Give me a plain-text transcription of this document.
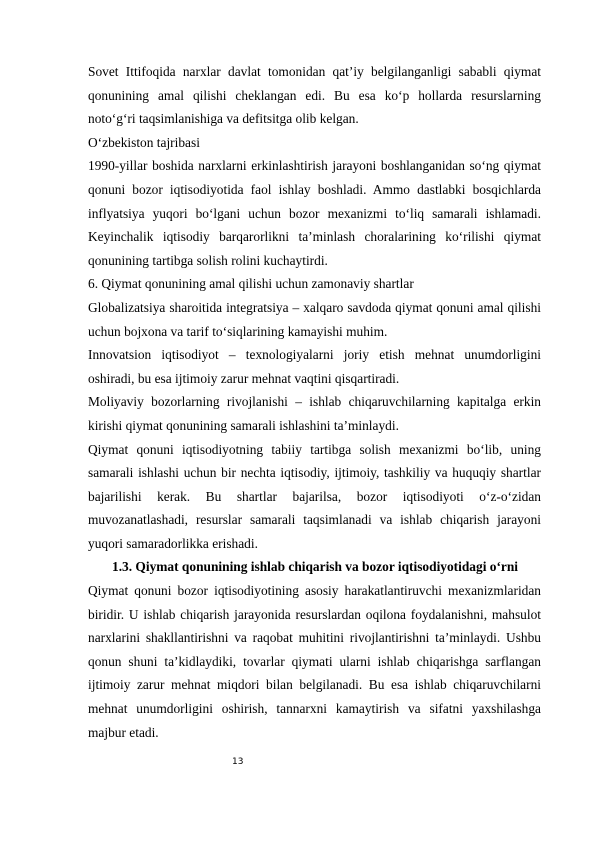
Sovet Ittifoqida narxlar davlat tomonidan qat’iy belgilanganligi sababli qiymat qonunining amal qilishi cheklangan edi. Bu esa ko‘p hollarda resurslarning noto‘g‘ri taqsimlanishiga va defitsitga olib kelgan.

O‘zbekiston tajribasi

1990-yillar boshida narxlarni erkinlashtirish jarayoni boshlanganidan so‘ng qiymat qonuni bozor iqtisodiyotida faol ishlay boshladi. Ammo dastlabki bosqichlarda inflyatsiya yuqori bo‘lgani uchun bozor mexanizmi to‘liq samarali ishlamadi. Keyinchalik iqtisodiy barqarorlikni ta’minlash choralarining ko‘rilishi qiymat qonunining tartibga solish rolini kuchaytirdi.

6. Qiymat qonunining amal qilishi uchun zamonaviy shartlar

Globalizatsiya sharoitida integratsiya – xalqaro savdoda qiymat qonuni amal qilishi uchun bojxona va tarif to‘siqlarining kamayishi muhim.

Innovatsion iqtisodiyot – texnologiyalarni joriy etish mehnat unumdorligini oshiradi, bu esa ijtimoiy zarur mehnat vaqtini qisqartiradi.

Moliyaviy bozorlarning rivojlanishi – ishlab chiqaruvchilarning kapitalga erkin kirishi qiymat qonunining samarali ishlashini ta’minlaydi.

Qiymat qonuni iqtisodiyotning tabiiy tartibga solish mexanizmi bo‘lib, uning samarali ishlashi uchun bir nechta iqtisodiy, ijtimoiy, tashkiliy va huquqiy shartlar bajarilishi kerak. Bu shartlar bajarilsa, bozor iqtisodiyoti o‘z-o‘zidan muvozanatlashadi, resurslar samarali taqsimlanadi va ishlab chiqarish jarayoni yuqori samaradorlikka erishadi.

1.3. Qiymat qonunining ishlab chiqarish va bozor iqtisodiyotidagi o‘rni

Qiymat qonuni bozor iqtisodiyotining asosiy harakatlantiruvchi mexanizmlaridan biridir. U ishlab chiqarish jarayonida resurslardan oqilona foydalanishni, mahsulot narxlarini shakllantirishni va raqobat muhitini rivojlantirishni ta’minlaydi. Ushbu qonun shuni ta’kidlaydiki, tovarlar qiymati ularni ishlab chiqarishga sarflangan ijtimoiy zarur mehnat miqdori bilan belgilanadi. Bu esa ishlab chiqaruvchilarni mehnat unumdorligini oshirish, tannarxni kamaytirish va sifatni yaxshilashga majbur etadi.

13
